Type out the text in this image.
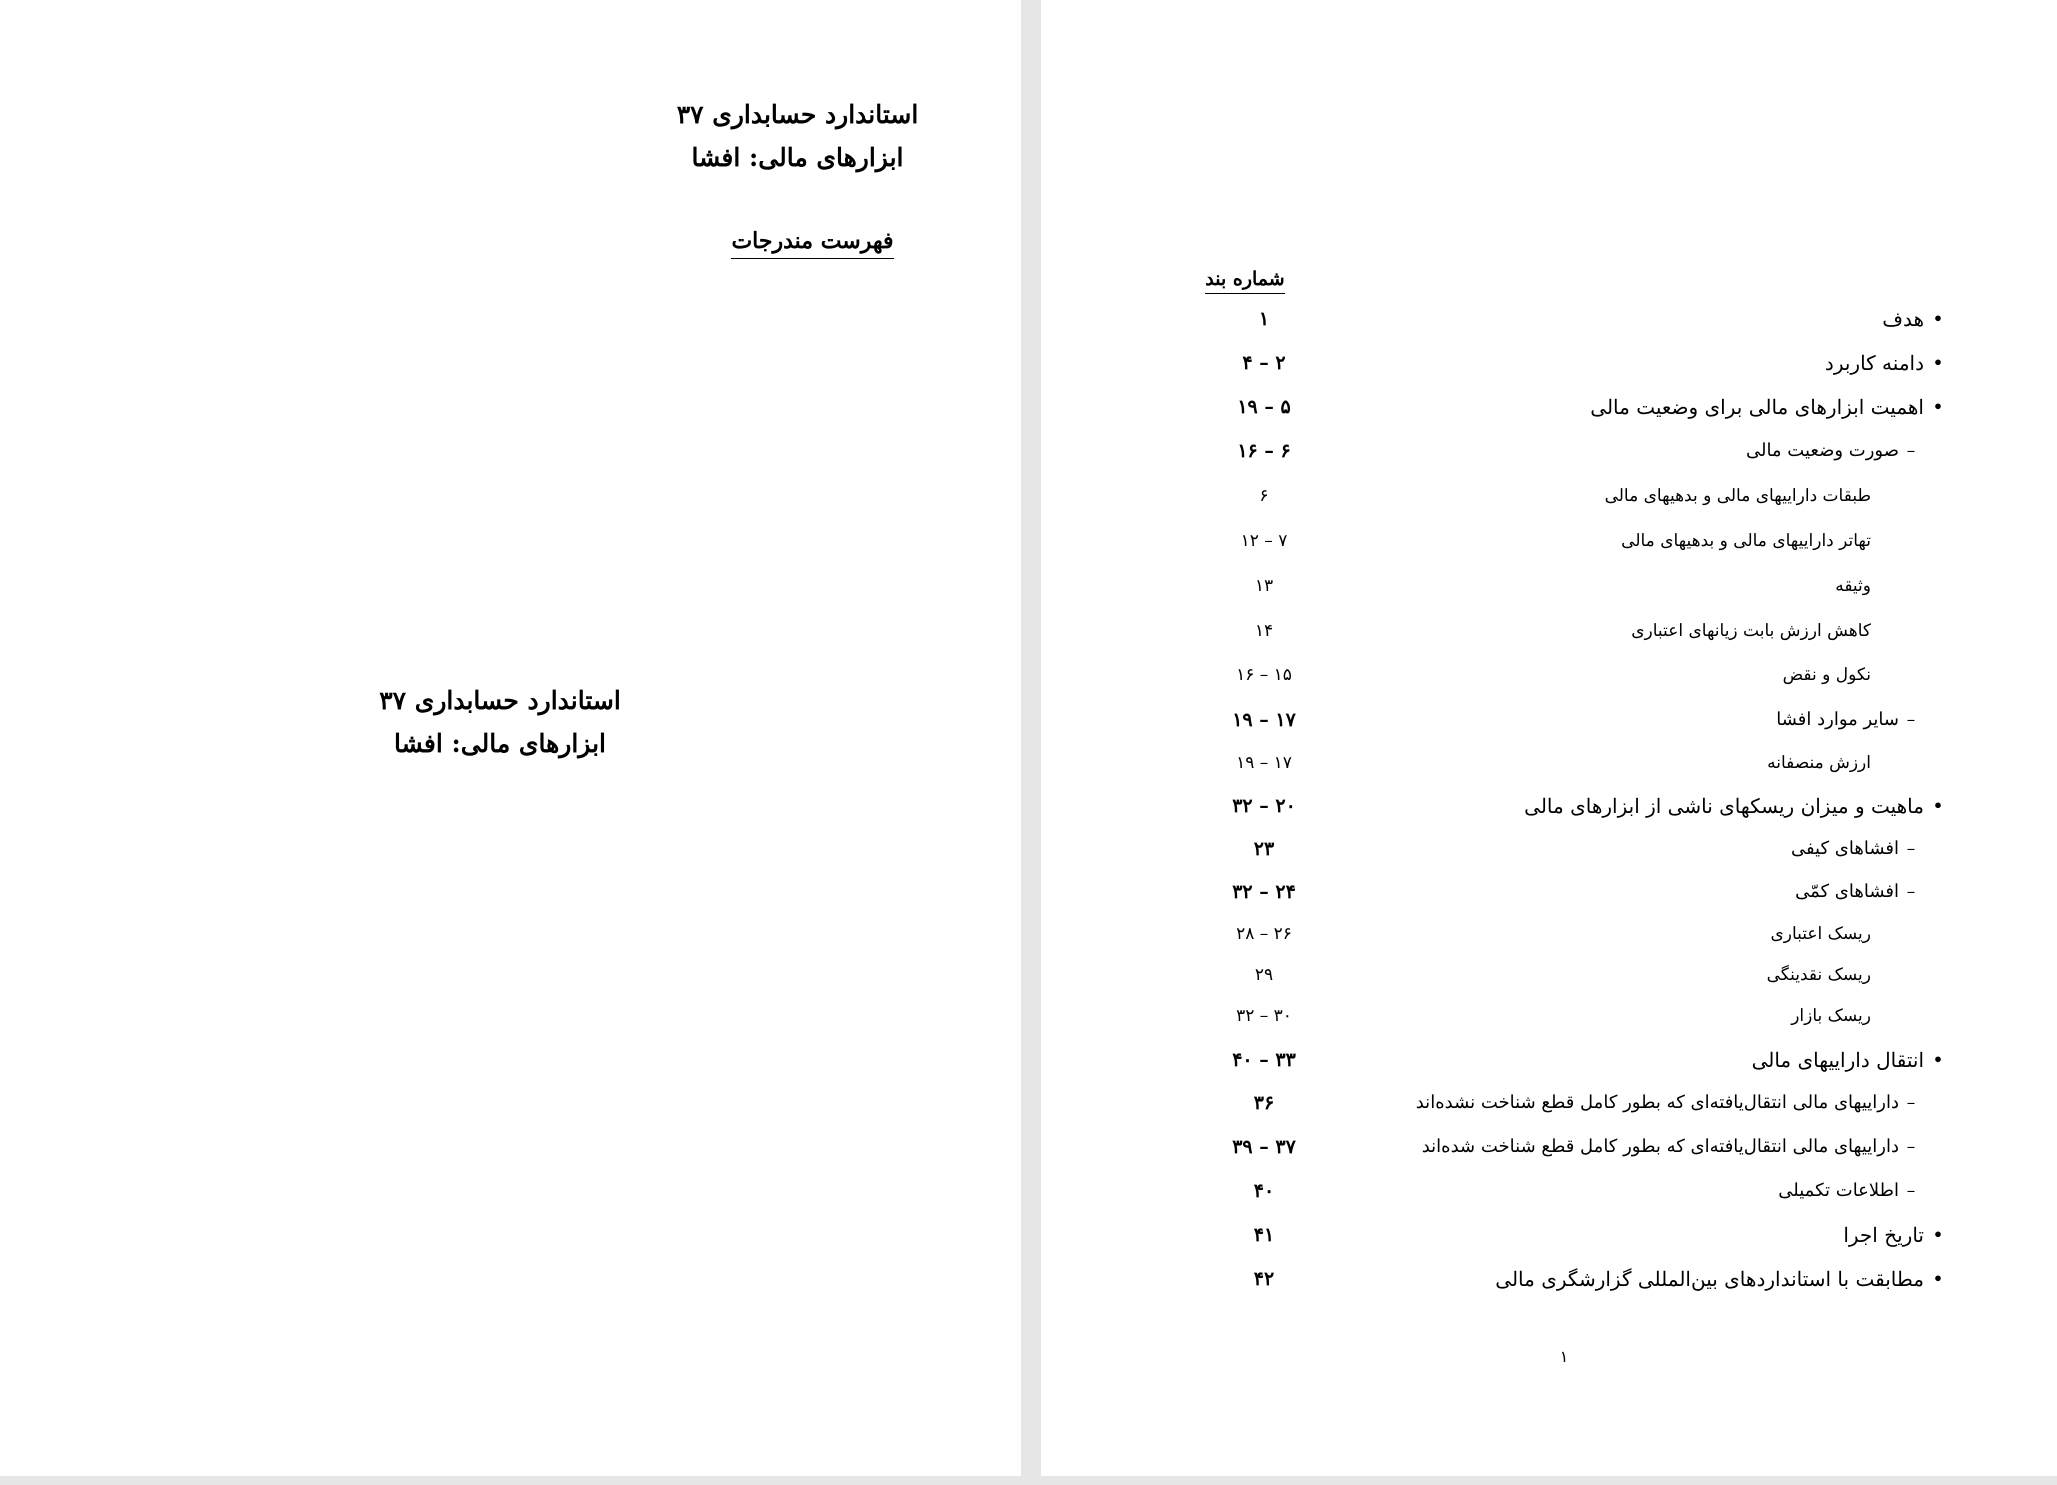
استاندارد حسابداری ۳۷
ابزارهای مالی: افشا
استاندارد حسابداری ۳۷
ابزارهای مالی: افشا
فهرست مندرجات
شماره بند
•
هدف
۱
•
دامنه کاربرد
۲ – ۴
•
اهمیت ابزارهای مالی برای وضعیت مالی
۵ – ۱۹
–
صورت وضعیت مالی
۶ – ۱۶
طبقات داراییهای مالی و بدهیهای مالی
۶
تهاتر داراییهای مالی و بدهیهای مالی
۷ – ۱۲
وثیقه
۱۳
کاهش ارزش بابت زیانهای اعتباری
۱۴
نکول و نقض
۱۵ – ۱۶
–
سایر موارد افشا
۱۷ – ۱۹
ارزش منصفانه
۱۷ – ۱۹
•
ماهیت و میزان ریسکهای ناشی از ابزارهای مالی
۲۰ – ۳۲
–
افشاهای کیفی
۲۳
–
افشاهای کمّی
۲۴ – ۳۲
ریسک اعتباری
۲۶ – ۲۸
ریسک نقدینگی
۲۹
ریسک بازار
۳۰ – ۳۲
•
انتقال داراییهای مالی
۳۳ – ۴۰
–
داراییهای مالی انتقال‌یافته‌ای که بطور کامل قطع شناخت نشده‌اند
۳۶
–
داراییهای مالی انتقال‌یافته‌ای که بطور کامل قطع شناخت شده‌اند
۳۷ – ۳۹
–
اطلاعات تکمیلی
۴۰
•
تاریخ اجرا
۴۱
•
مطابقت با استانداردهای بین‌المللی گزارشگری مالی
۴۲
۱
